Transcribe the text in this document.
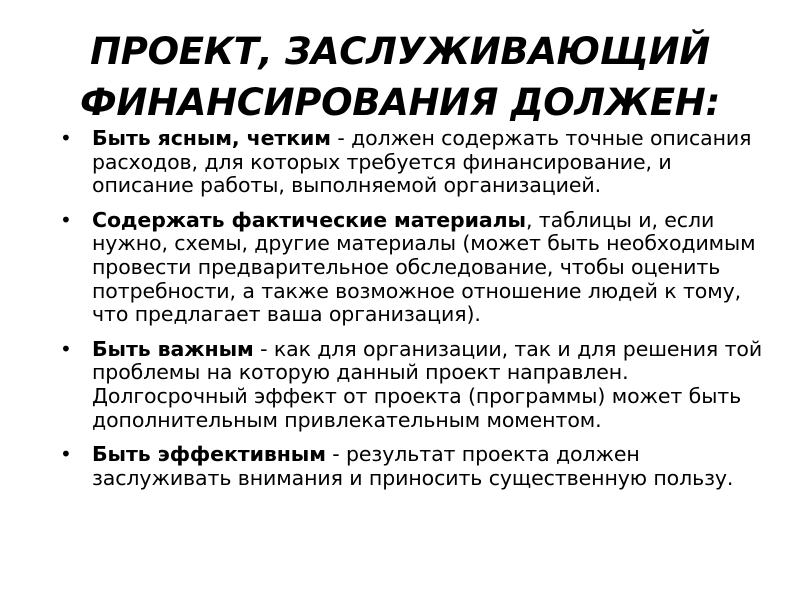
ПРОЕКТ, ЗАСЛУЖИВАЮЩИЙ
ФИНАНСИРОВАНИЯ ДОЛЖЕН:
• Быть ясным, четким - должен содержать точные описания расходов, для которых требуется финансирование, и описание работы, выполняемой организацией.
• Содержать фактические материалы, таблицы и, если нужно, схемы, другие материалы (может быть необходимым провести предварительное обследование, чтобы оценить потребности, а также возможное отношение людей к тому, что предлагает ваша организация).
• Быть важным - как для организации, так и для решения той проблемы на которую данный проект направлен. Долгосрочный эффект от проекта (программы) может быть дополнительным привлекательным моментом.
• Быть эффективным - результат проекта должен заслуживать внимания и приносить существенную пользу.
